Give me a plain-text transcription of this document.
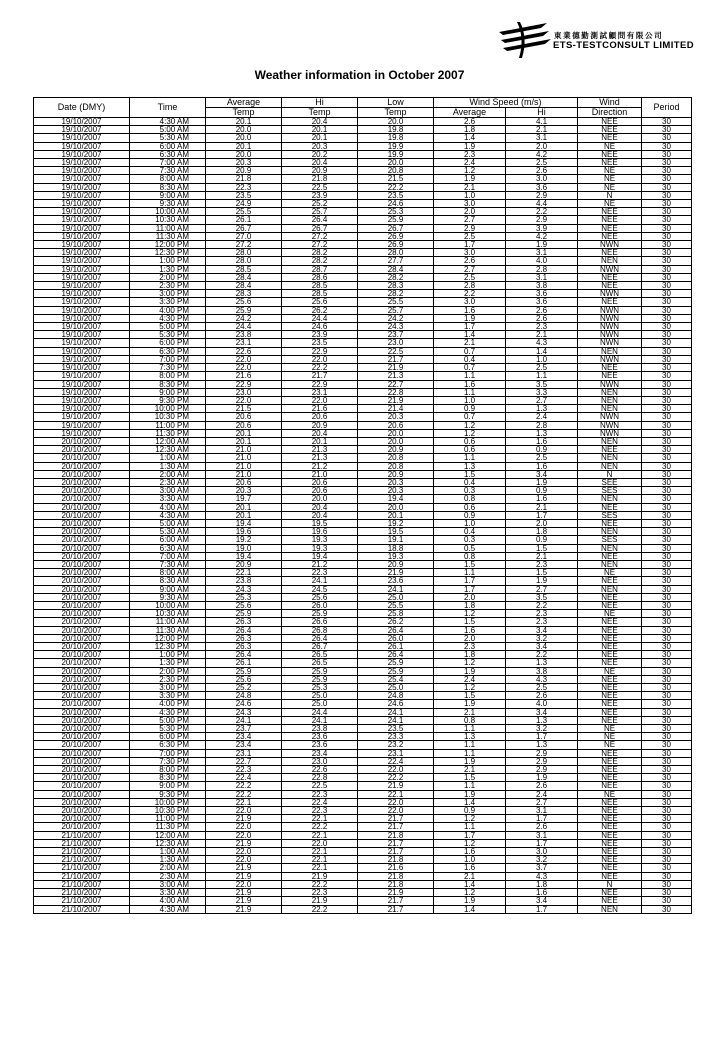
東業德勤測試顧問有限公司
ETS-TESTCONSULT LIMITED
Weather information in October 2007
Date (DMY)	Time	Average	Hi	Low	Wind Speed (m/s)		Wind	Period
		Temp	Temp	Temp	Average	Hi	Direction	
19/10/2007	4:30 AM	20.1	20.4	20.0	2.6	4.1	NEE	30
19/10/2007	5:00 AM	20.0	20.1	19.8	1.8	2.1	NEE	30
19/10/2007	5:30 AM	20.0	20.1	19.8	1.4	3.1	NEE	30
19/10/2007	6:00 AM	20.1	20.3	19.9	1.9	2.0	NE	30
19/10/2007	6:30 AM	20.0	20.2	19.9	2.3	4.2	NEE	30
19/10/2007	7:00 AM	20.3	20.4	20.0	2.4	2.5	NEE	30
19/10/2007	7:30 AM	20.9	20.9	20.8	1.2	2.6	NE	30
19/10/2007	8:00 AM	21.8	21.8	21.5	1.9	3.0	NE	30
19/10/2007	8:30 AM	22.3	22.5	22.2	2.1	3.6	NE	30
19/10/2007	9:00 AM	23.5	23.9	23.5	1.0	2.9	N	30
19/10/2007	9:30 AM	24.9	25.2	24.6	3.0	4.4	NE	30
19/10/2007	10:00 AM	25.5	25.7	25.3	2.0	2.2	NEE	30
19/10/2007	10:30 AM	26.1	26.4	25.9	2.7	2.9	NEE	30
19/10/2007	11:00 AM	26.7	26.7	26.7	2.9	3.9	NEE	30
19/10/2007	11:30 AM	27.0	27.2	26.9	2.5	4.2	NEE	30
19/10/2007	12:00 PM	27.2	27.2	26.9	1.7	1.9	NWN	30
19/10/2007	12:30 PM	28.0	28.2	28.0	3.0	3.1	NEE	30
19/10/2007	1:00 PM	28.0	28.2	27.7	2.6	4.0	NEN	30
19/10/2007	1:30 PM	28.5	28.7	28.4	2.7	2.8	NWN	30
19/10/2007	2:00 PM	28.4	28.6	28.2	2.5	3.1	NEE	30
19/10/2007	2:30 PM	28.4	28.5	28.3	2.8	3.8	NEE	30
19/10/2007	3:00 PM	28.3	28.5	28.2	2.2	3.6	NWN	30
19/10/2007	3:30 PM	25.6	25.6	25.5	3.0	3.6	NEE	30
19/10/2007	4:00 PM	25.9	26.2	25.7	1.6	2.6	NWN	30
19/10/2007	4:30 PM	24.2	24.4	24.2	1.9	2.6	NWN	30
19/10/2007	5:00 PM	24.4	24.6	24.3	1.7	2.3	NWN	30
19/10/2007	5:30 PM	23.8	23.9	23.7	1.4	2.1	NWN	30
19/10/2007	6:00 PM	23.1	23.5	23.0	2.1	4.3	NWN	30
19/10/2007	6:30 PM	22.6	22.9	22.5	0.7	1.4	NEN	30
19/10/2007	7:00 PM	22.0	22.0	21.7	0.4	1.0	NWN	30
19/10/2007	7:30 PM	22.0	22.2	21.9	0.7	2.5	NEE	30
19/10/2007	8:00 PM	21.6	21.7	21.3	1.1	1.1	NEE	30
19/10/2007	8:30 PM	22.9	22.9	22.7	1.6	3.5	NWN	30
19/10/2007	9:00 PM	23.0	23.1	22.8	1.1	3.3	NEN	30
19/10/2007	9:30 PM	22.0	22.0	21.9	1.0	2.7	NEN	30
19/10/2007	10:00 PM	21.5	21.6	21.4	0.9	1.3	NEN	30
19/10/2007	10:30 PM	20.6	20.6	20.3	0.7	2.4	NWN	30
19/10/2007	11:00 PM	20.6	20.9	20.6	1.2	2.8	NWN	30
19/10/2007	11:30 PM	20.1	20.4	20.0	1.2	1.3	NWN	30
20/10/2007	12:00 AM	20.1	20.1	20.0	0.6	1.6	NEN	30
20/10/2007	12:30 AM	21.0	21.3	20.9	0.6	0.9	NEE	30
20/10/2007	1:00 AM	21.0	21.3	20.8	1.1	2.5	NEN	30
20/10/2007	1:30 AM	21.0	21.2	20.8	1.3	1.6	NEN	30
20/10/2007	2:00 AM	21.0	21.0	20.9	1.5	3.4	N	30
20/10/2007	2:30 AM	20.6	20.6	20.3	0.4	1.9	SEE	30
20/10/2007	3:00 AM	20.3	20.6	20.3	0.3	0.9	SES	30
20/10/2007	3:30 AM	19.7	20.0	19.4	0.8	1.6	NEN	30
20/10/2007	4:00 AM	20.1	20.4	20.0	0.6	2.1	NEE	30
20/10/2007	4:30 AM	20.1	20.4	20.1	0.9	1.7	SES	30
20/10/2007	5:00 AM	19.4	19.5	19.2	1.0	2.0	NEE	30
20/10/2007	5:30 AM	19.6	19.6	19.5	0.4	1.8	NEN	30
20/10/2007	6:00 AM	19.2	19.3	19.1	0.3	0.9	SES	30
20/10/2007	6:30 AM	19.0	19.3	18.8	0.5	1.5	NEN	30
20/10/2007	7:00 AM	19.4	19.4	19.3	0.8	2.1	NEE	30
20/10/2007	7:30 AM	20.9	21.2	20.9	1.5	2.3	NEN	30
20/10/2007	8:00 AM	22.1	22.3	21.9	1.1	1.5	NE	30
20/10/2007	8:30 AM	23.8	24.1	23.6	1.7	1.9	NEE	30
20/10/2007	9:00 AM	24.3	24.5	24.1	1.7	2.7	NEN	30
20/10/2007	9:30 AM	25.3	25.6	25.0	2.0	3.5	NEE	30
20/10/2007	10:00 AM	25.6	26.0	25.5	1.8	2.2	NEE	30
20/10/2007	10:30 AM	25.9	25.9	25.8	1.2	2.3	NE	30
20/10/2007	11:00 AM	26.3	26.6	26.2	1.5	2.3	NEE	30
20/10/2007	11:30 AM	26.4	26.8	26.4	1.6	3.4	NEE	30
20/10/2007	12:00 PM	26.3	26.4	26.0	2.0	3.2	NEE	30
20/10/2007	12:30 PM	26.3	26.7	26.1	2.3	3.4	NEE	30
20/10/2007	1:00 PM	26.4	26.5	26.4	1.8	2.2	NEE	30
20/10/2007	1:30 PM	26.1	26.5	25.9	1.2	1.3	NEE	30
20/10/2007	2:00 PM	25.9	25.9	25.9	1.9	3.8	NE	30
20/10/2007	2:30 PM	25.6	25.9	25.4	2.4	4.3	NEE	30
20/10/2007	3:00 PM	25.2	25.3	25.0	1.2	2.5	NEE	30
20/10/2007	3:30 PM	24.8	25.0	24.8	1.5	2.6	NEE	30
20/10/2007	4:00 PM	24.6	25.0	24.6	1.9	4.0	NEE	30
20/10/2007	4:30 PM	24.3	24.4	24.1	2.1	3.4	NEE	30
20/10/2007	5:00 PM	24.1	24.1	24.1	0.8	1.3	NEE	30
20/10/2007	5:30 PM	23.7	23.8	23.5	1.1	3.2	NE	30
20/10/2007	6:00 PM	23.4	23.6	23.3	1.3	1.7	NE	30
20/10/2007	6:30 PM	23.4	23.6	23.2	1.1	1.3	NE	30
20/10/2007	7:00 PM	23.1	23.4	23.1	1.1	2.9	NEE	30
20/10/2007	7:30 PM	22.7	23.0	22.4	1.9	2.9	NEE	30
20/10/2007	8:00 PM	22.3	22.6	22.0	2.1	2.9	NEE	30
20/10/2007	8:30 PM	22.4	22.8	22.2	1.5	1.9	NEE	30
20/10/2007	9:00 PM	22.2	22.5	21.9	1.1	2.6	NEE	30
20/10/2007	9:30 PM	22.2	22.3	22.1	1.9	2.4	NE	30
20/10/2007	10:00 PM	22.1	22.4	22.0	1.4	2.7	NEE	30
20/10/2007	10:30 PM	22.0	22.3	22.0	0.9	3.1	NEE	30
20/10/2007	11:00 PM	21.9	22.1	21.7	1.2	1.7	NEE	30
20/10/2007	11:30 PM	22.0	22.2	21.7	1.1	2.6	NEE	30
21/10/2007	12:00 AM	22.0	22.1	21.8	1.7	3.1	NEE	30
21/10/2007	12:30 AM	21.9	22.0	21.7	1.2	1.7	NEE	30
21/10/2007	1:00 AM	22.0	22.1	21.7	1.6	3.0	NEE	30
21/10/2007	1:30 AM	22.0	22.1	21.8	1.0	3.2	NEE	30
21/10/2007	2:00 AM	21.9	22.1	21.6	1.6	3.7	NEE	30
21/10/2007	2:30 AM	21.9	21.9	21.8	2.1	4.3	NEE	30
21/10/2007	3:00 AM	22.0	22.2	21.8	1.4	1.8	N	30
21/10/2007	3:30 AM	21.9	22.3	21.9	1.2	1.6	NEE	30
21/10/2007	4:00 AM	21.9	21.9	21.7	1.9	3.4	NEE	30
21/10/2007	4:30 AM	21.9	22.2	21.7	1.4	1.7	NEN	30
